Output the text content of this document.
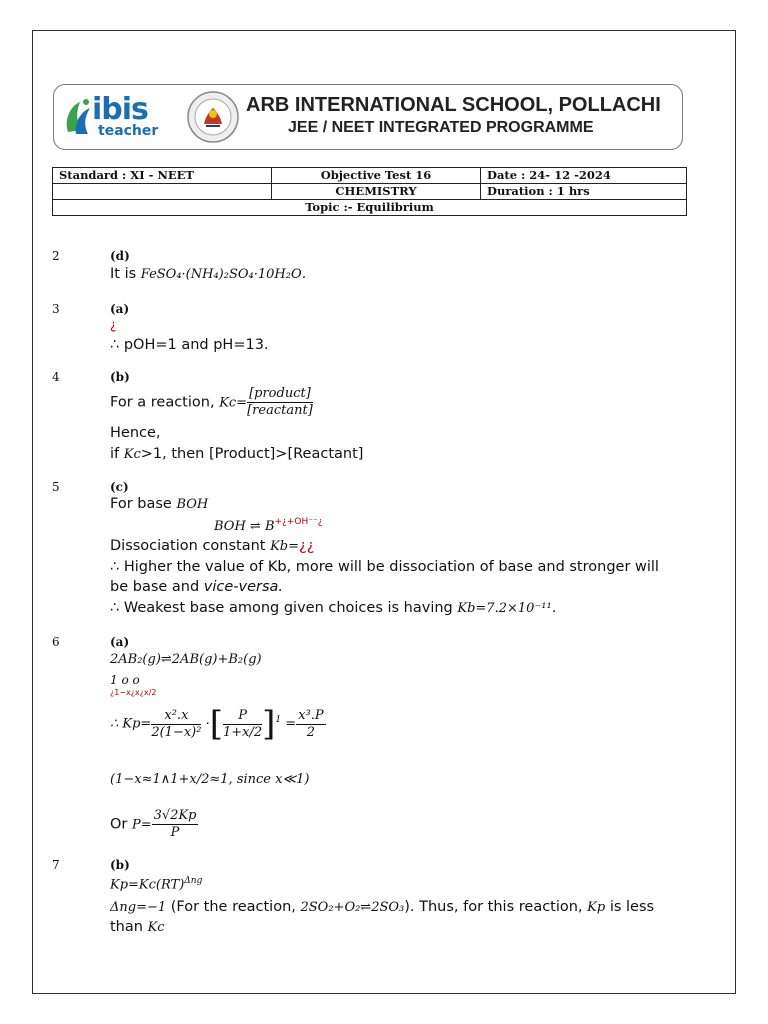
ibis
teacher
ARB INTERNATIONAL SCHOOL, POLLACHI
JEE / NEET INTEGRATED PROGRAMME
Standard : XI - NEET	Objective Test 16	Date : 24- 12 -2024
	CHEMISTRY	Duration : 1 hrs
Topic :- Equilibrium		
2	(d)
It is FeSO₄·(NH₄)₂SO₄·10H₂O.
3	(a)
¿
∴ pOH=1 and pH=13.
4	(b)
For a reaction, $Kc= \frac{\text{[product]}}{\text{[reactant]}}$
Hence,
if Kc>1, then [Product]>[Reactant]
5	(c)
For base BOH
BOH ⇌ $B^{+¿+OH^{--}¿}$
Dissociation constant Kb=¿¿
∴ Higher the value of Kb, more will be dissociation of base and stronger will
be base and vice-versa.
∴ Weakest base among given choices is having Kb=7.2×10⁻¹¹.
6	(a)
2AB₂(g)⇌2AB(g)+B₂(g)
1 o o
¿1−x¿x¿x/2
∴ $Kp= \frac{\text{x².x}}{\text{2(1−x)²}}$ ·[ $\frac{P}{1+x/2} ]^1 = \frac{\text{x³.P}}{2}$
(1−x≈1∧1+x/2≈1, since x≪1)
Or $P= \frac{3√2Kp}{P}$
7	(b)
Kp=Kc(RT)$^{\Delta ng}$
Δng=−1 (For the reaction, 2SO₂+O₂⇌2SO₃). Thus, for this reaction, Kp is less
than Kc
